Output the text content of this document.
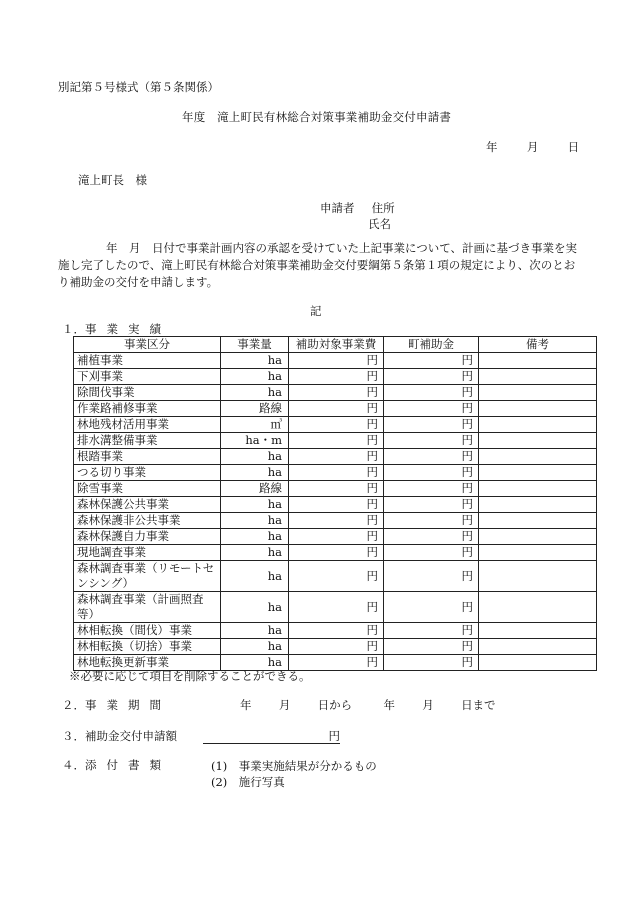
別記第５号様式（第５条関係）
年度　滝上町民有林総合対策事業補助金交付申請書
年	月	日
滝上町長　様
申請者 住所
氏名

年　月　日付で事業計画内容の承認を受けていた上記事業について、計画に基づき事業を実施し完了したので、滝上町民有林総合対策事業補助金交付要綱第５条第１項の規定により、次のとおり補助金の交付を申請します。

記
１．事業実績
事業区分	事業量	補助対象事業費	町補助金	備考
補植事業	ha	円	円	
下刈事業	ha	円	円	
除間伐事業	ha	円	円	
作業路補修事業	路線	円	円	
林地残材活用事業	㎥	円	円	
排水溝整備事業	ha・m	円	円	
根踏事業	ha	円	円	
つる切り事業	ha	円	円	
除雪事業	路線	円	円	
森林保護公共事業	ha	円	円	
森林保護非公共事業	ha	円	円	
森林保護自力事業	ha	円	円	
現地調査事業	ha	円	円	
森林調査事業（リモートセンシング）	ha	円	円	
森林調査事業（計画照査等）	ha	円	円	
林相転換（間伐）事業	ha	円	円	
林相転換（切捨）事業	ha	円	円	
林地転換更新事業	ha	円	円	
※必要に応じて項目を削除することができる。
２．事業期間	年 月 日から	年 月 日まで
３．補助金交付申請額	円
４．添付書類	(1)　事業実施結果が分かるもの
(2)　施行写真
